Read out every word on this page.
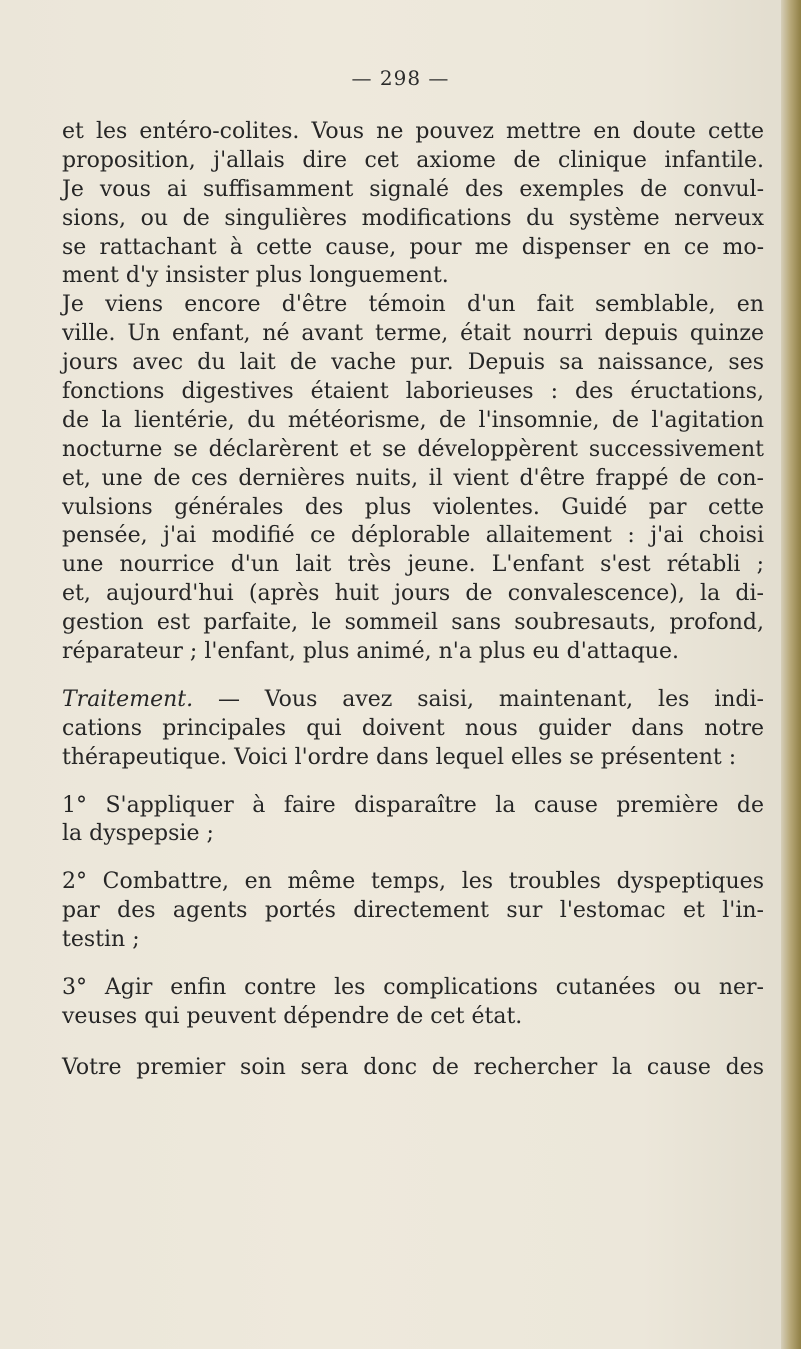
— 298 —
et les entéro-colites. Vous ne pouvez mettre en doute cette
proposition, j'allais dire cet axiome de clinique infantile.
Je vous ai suffisamment signalé des exemples de convul-
sions, ou de singulières modifications du système nerveux
se rattachant à cette cause, pour me dispenser en ce mo-
ment d'y insister plus longuement.
Je viens encore d'être témoin d'un fait semblable, en
ville. Un enfant, né avant terme, était nourri depuis quinze
jours avec du lait de vache pur. Depuis sa naissance, ses
fonctions digestives étaient laborieuses : des éructations,
de la lientérie, du météorisme, de l'insomnie, de l'agitation
nocturne se déclarèrent et se développèrent successivement
et, une de ces dernières nuits, il vient d'être frappé de con-
vulsions générales des plus violentes. Guidé par cette
pensée, j'ai modifié ce déplorable allaitement : j'ai choisi
une nourrice d'un lait très jeune. L'enfant s'est rétabli ;
et, aujourd'hui (après huit jours de convalescence), la di-
gestion est parfaite, le sommeil sans soubresauts, profond,
réparateur ; l'enfant, plus animé, n'a plus eu d'attaque.
Traitement. — Vous avez saisi, maintenant, les indi-
cations principales qui doivent nous guider dans notre
thérapeutique. Voici l'ordre dans lequel elles se présentent :
1° S'appliquer à faire disparaître la cause première de
la dyspepsie ;
2° Combattre, en même temps, les troubles dyspeptiques
par des agents portés directement sur l'estomac et l'in-
testin ;
3° Agir enfin contre les complications cutanées ou ner-
veuses qui peuvent dépendre de cet état.
Votre premier soin sera donc de rechercher la cause des
